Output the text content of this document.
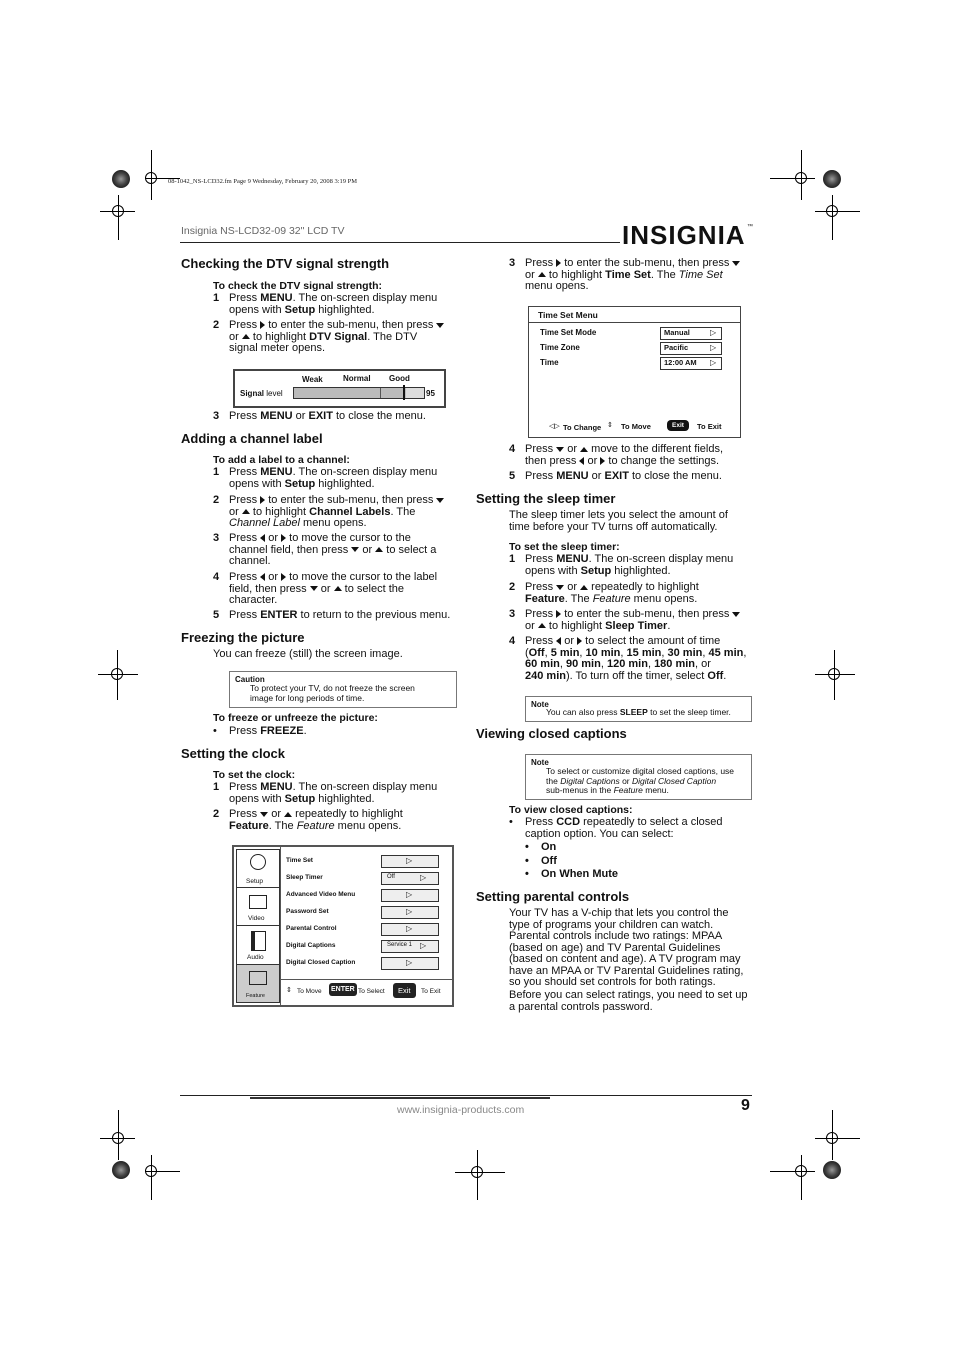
08-1042_NS-LCD32.fm Page 9 Wednesday, February 20, 2008 3:19 PM
Insignia NS-LCD32-09 32" LCD TV	INSIGNIA ™
Checking the DTV signal strength
To check the DTV signal strength:
1 Press MENU. The on-screen display menu
opens with Setup highlighted.
2 Press  to enter the sub-menu, then press
or  to highlight DTV Signal. The DTV
signal meter opens.
Weak	Normal Good
Signal level	95
3 Press MENU or EXIT to close the menu.
Adding a channel label
To add a label to a channel:
1 Press MENU. The on-screen display menu
opens with Setup highlighted.
2 Press  to enter the sub-menu, then press
or  to highlight Channel Labels. The
Channel Label menu opens.
3 Press  or  to move the cursor to the
channel field, then press  or  to select a
channel.
4 Press  or  to move the cursor to the label
field, then press  or  to select the
character.
5 Press ENTER to return to the previous menu.
Freezing the picture
You can freeze (still) the screen image.
Caution
To protect your TV, do not freeze the screen
image for long periods of time.
To freeze or unfreeze the picture:
• Press FREEZE.
Setting the clock
To set the clock:
1 Press MENU. The on-screen display menu
opens with Setup highlighted.
2 Press  or  repeatedly to highlight
Feature. The Feature menu opens.
Setup
Video
Audio
Feature
Time Set	▷
Sleep Timer	Off	▷
Advanced Video Menu	▷
Password Set	▷
Parental Control	▷
Digital Captions	Service 1 ▷
Digital Closed Caption	▷
⇕ To Move ENTER To Select	Exit	To Exit
3 Press  to enter the sub-menu, then press
or  to highlight Time Set. The Time Set
menu opens.
Time Set Menu
Time Set Mode	Manual	▷
Time Zone	Pacific	▷
Time	12:00 AM ▷
◁▷ To Change ⇕ To Move	Exit	To Exit
4 Press  or  move to the different fields,
then press  or  to change the settings.
5 Press MENU or EXIT to close the menu.
Setting the sleep timer
The sleep timer lets you select the amount of
time before your TV turns off automatically.
To set the sleep timer:
1 Press MENU. The on-screen display menu
opens with Setup highlighted.
2 Press  or  repeatedly to highlight
Feature. The Feature menu opens.
3 Press  to enter the sub-menu, then press
or  to highlight Sleep Timer.
4 Press  or  to select the amount of time
(Off, 5 min, 10 min, 15 min, 30 min, 45 min,
60 min, 90 min, 120 min, 180 min, or
240 min). To turn off the timer, select Off.
Note
You can also press SLEEP to set the sleep timer.
Viewing closed captions
Note
To select or customize digital closed captions, use
the Digital Captions or Digital Closed Caption
sub-menus in the Feature menu.
To view closed captions:
• Press CCD repeatedly to select a closed
caption option. You can select:
• On
• Off
• On When Mute
Setting parental controls
Your TV has a V-chip that lets you control the
type of programs your children can watch.
Parental controls include two ratings: MPAA
(based on age) and TV Parental Guidelines
(based on content and age). A TV program may
have an MPAA or TV Parental Guidelines rating,
so you should set controls for both ratings.
Before you can select ratings, you need to set up
a parental controls password.
www.insignia-products.com	9
